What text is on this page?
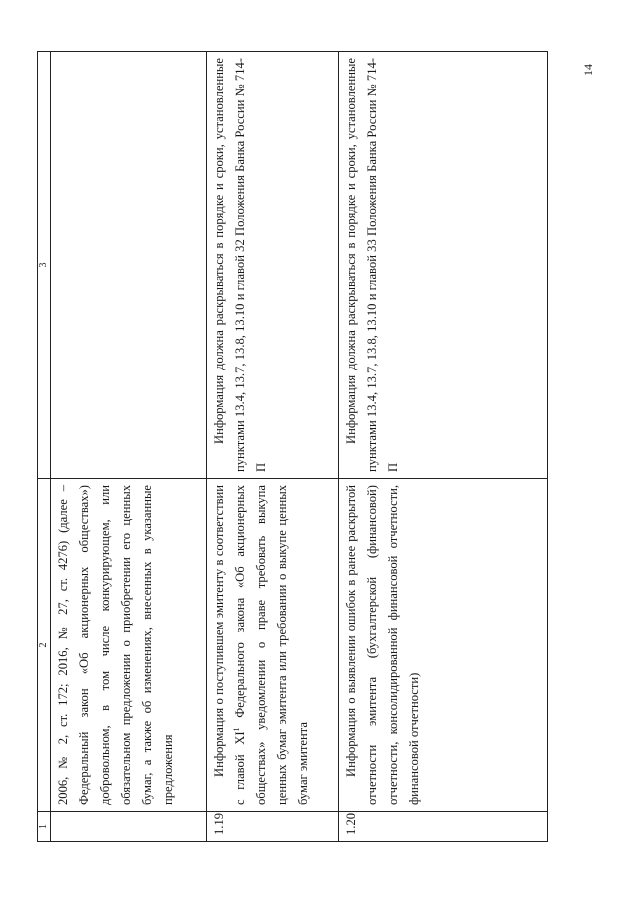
14
1	2	3

	2006, № 2, ст. 172; 2016, № 27, ст. 4276) (далее – Федеральный закон «Об акционерных обществах») добровольном, в том числе конкурирующем, или обязательном предложении о приобретении его ценных бумаг, а также об изменениях, внесенных в указанные предложения	

1.19	Информация о поступившем эмитенту в соответствии с главой $XI^1$ Федерального закона «Об акционерных обществах» уведомлении о праве требовать выкупа ценных бумаг эмитента или требовании о выкупе ценных бумаг эмитента	Информация должна раскрываться в порядке и сроки, установленные пунктами 13.4, 13.7, 13.8, 13.10 и главой 32 Положения Банка России № 714-П

1.20	Информация о выявлении ошибок в ранее раскрытой отчетности эмитента (бухгалтерской (финансовой) отчетности, консолидированной финансовой отчетности, финансовой отчетности)	Информация должна раскрываться в порядке и сроки, установленные пунктами 13.4, 13.7, 13.8, 13.10 и главой 33 Положения Банка России № 714-П
